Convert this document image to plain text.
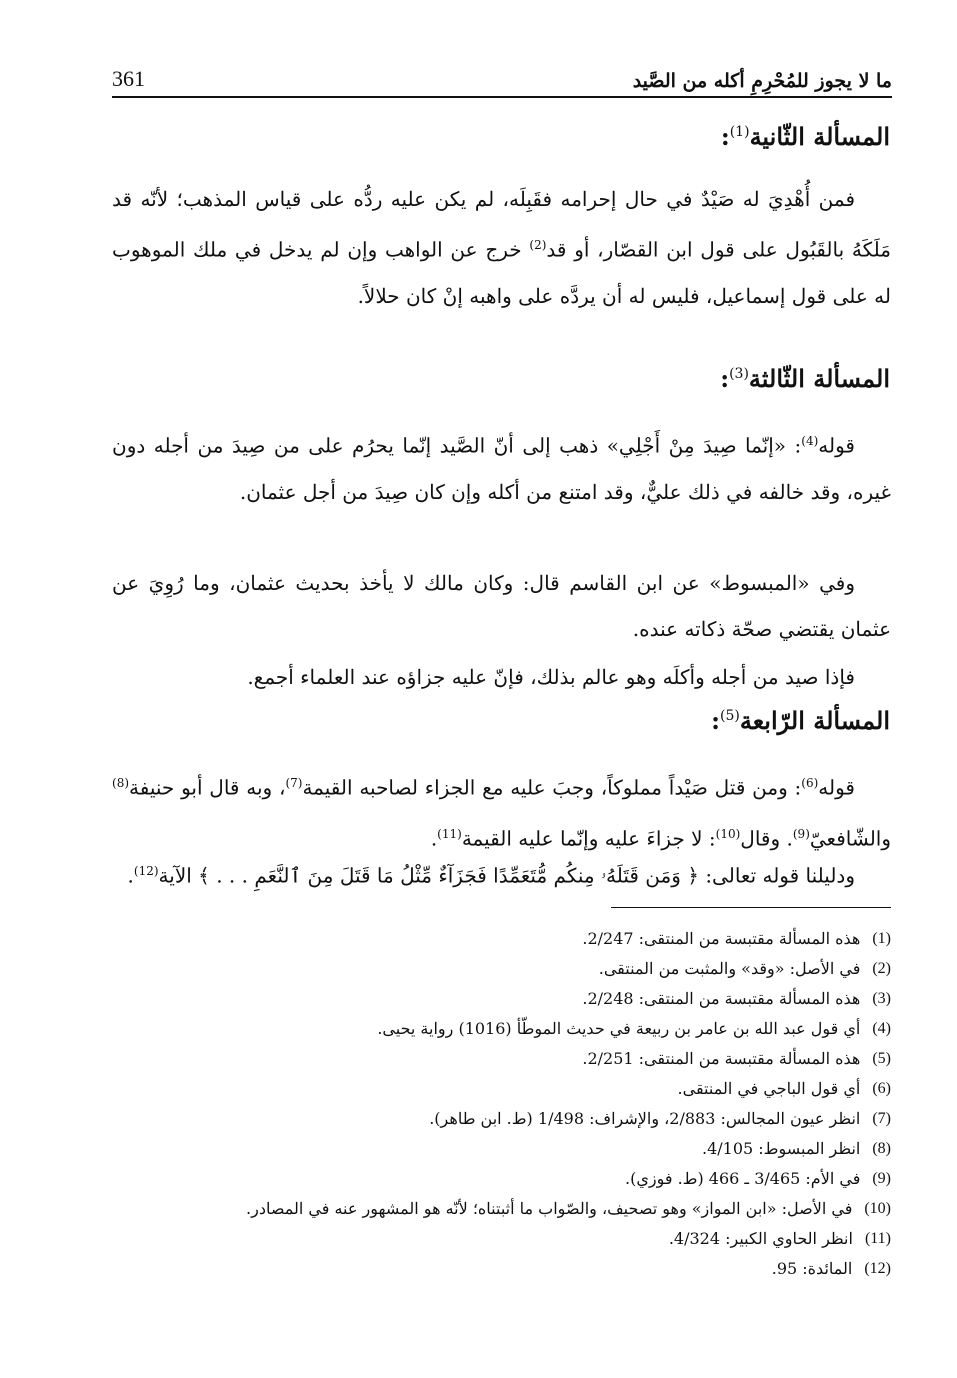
361	ما لا يجوز للمُحْرِمِ أكله من الصَّيد
المسألة الثّانية$^{(1)}$:
فمن أُهْدِيَ له صَيْدٌ في حال إحرامه فقَبِلَه، لم يكن عليه ردُّه على قياس المذهب؛ لأنّه قد مَلَكَهُ بالقَبُول على قول ابن القصّار، أو قد$^{(2)}$ خرج عن الواهب وإن لم يدخل في ملك الموهوب له على قول إسماعيل، فليس له أن يردَّه على واهبه إنْ كان حلالاً.
المسألة الثّالثة$^{(3)}$:
قوله$^{(4)}$: «إنّما صِيدَ مِنْ أَجْلِي» ذهب إلى أنّ الصَّيد إنّما يحرُم على من صِيدَ من أجله دون غيره، وقد خالفه في ذلك عليٌّ، وقد امتنع من أكله وإن كان صِيدَ من أجل عثمان.
وفي «المبسوط» عن ابن القاسم قال: وكان مالك لا يأخذ بحديث عثمان، وما رُوِيَ عن عثمان يقتضي صحّة ذكاته عنده.
فإذا صيد من أجله وأكلَه وهو عالم بذلك، فإنّ عليه جزاؤه عند العلماء أجمع.
المسألة الرّابعة$^{(5)}$:
قوله$^{(6)}$: ومن قتل صَيْداً مملوكاً، وجبَ عليه مع الجزاء لصاحبه القيمة$^{(7)}$، وبه قال أبو حنيفة$^{(8)}$ والشّافعيّ$^{(9)}$. وقال$^{(10)}$: لا جزاءَ عليه وإنّما عليه القيمة$^{(11)}$.
ودليلنا قوله تعالى: ﴿ وَمَن قَتَلَهُۥ مِنكُم مُّتَعَمِّدًا فَجَزَآءٌ مِّثْلُ مَا قَتَلَ مِنَ ٱلنَّعَمِ . . . ﴾ الآية$^{(12)}$.
(1)
هذه المسألة مقتبسة من المنتقى: 2/247.
(2)
في الأصل: «وقد» والمثبت من المنتقى.
(3)
هذه المسألة مقتبسة من المنتقى: 2/248.
(4)
أي قول عبد الله بن عامر بن ربيعة في حديث الموطّأ (1016) رواية يحيى.
(5)
هذه المسألة مقتبسة من المنتقى: 2/251.
(6)
أي قول الباجي في المنتقى.
(7)
انظر عيون المجالس: 2/883، والإشراف: 1/498 (ط. ابن طاهر).
(8)
انظر المبسوط: 4/105.
(9)
في الأم: 3/465 ـ 466 (ط. فوزي).
(10)
في الأصل: «ابن المواز» وهو تصحيف، والصّواب ما أثبتناه؛ لأنّه هو المشهور عنه في المصادر.
(11)
انظر الحاوي الكبير: 4/324.
(12)
المائدة: 95.
